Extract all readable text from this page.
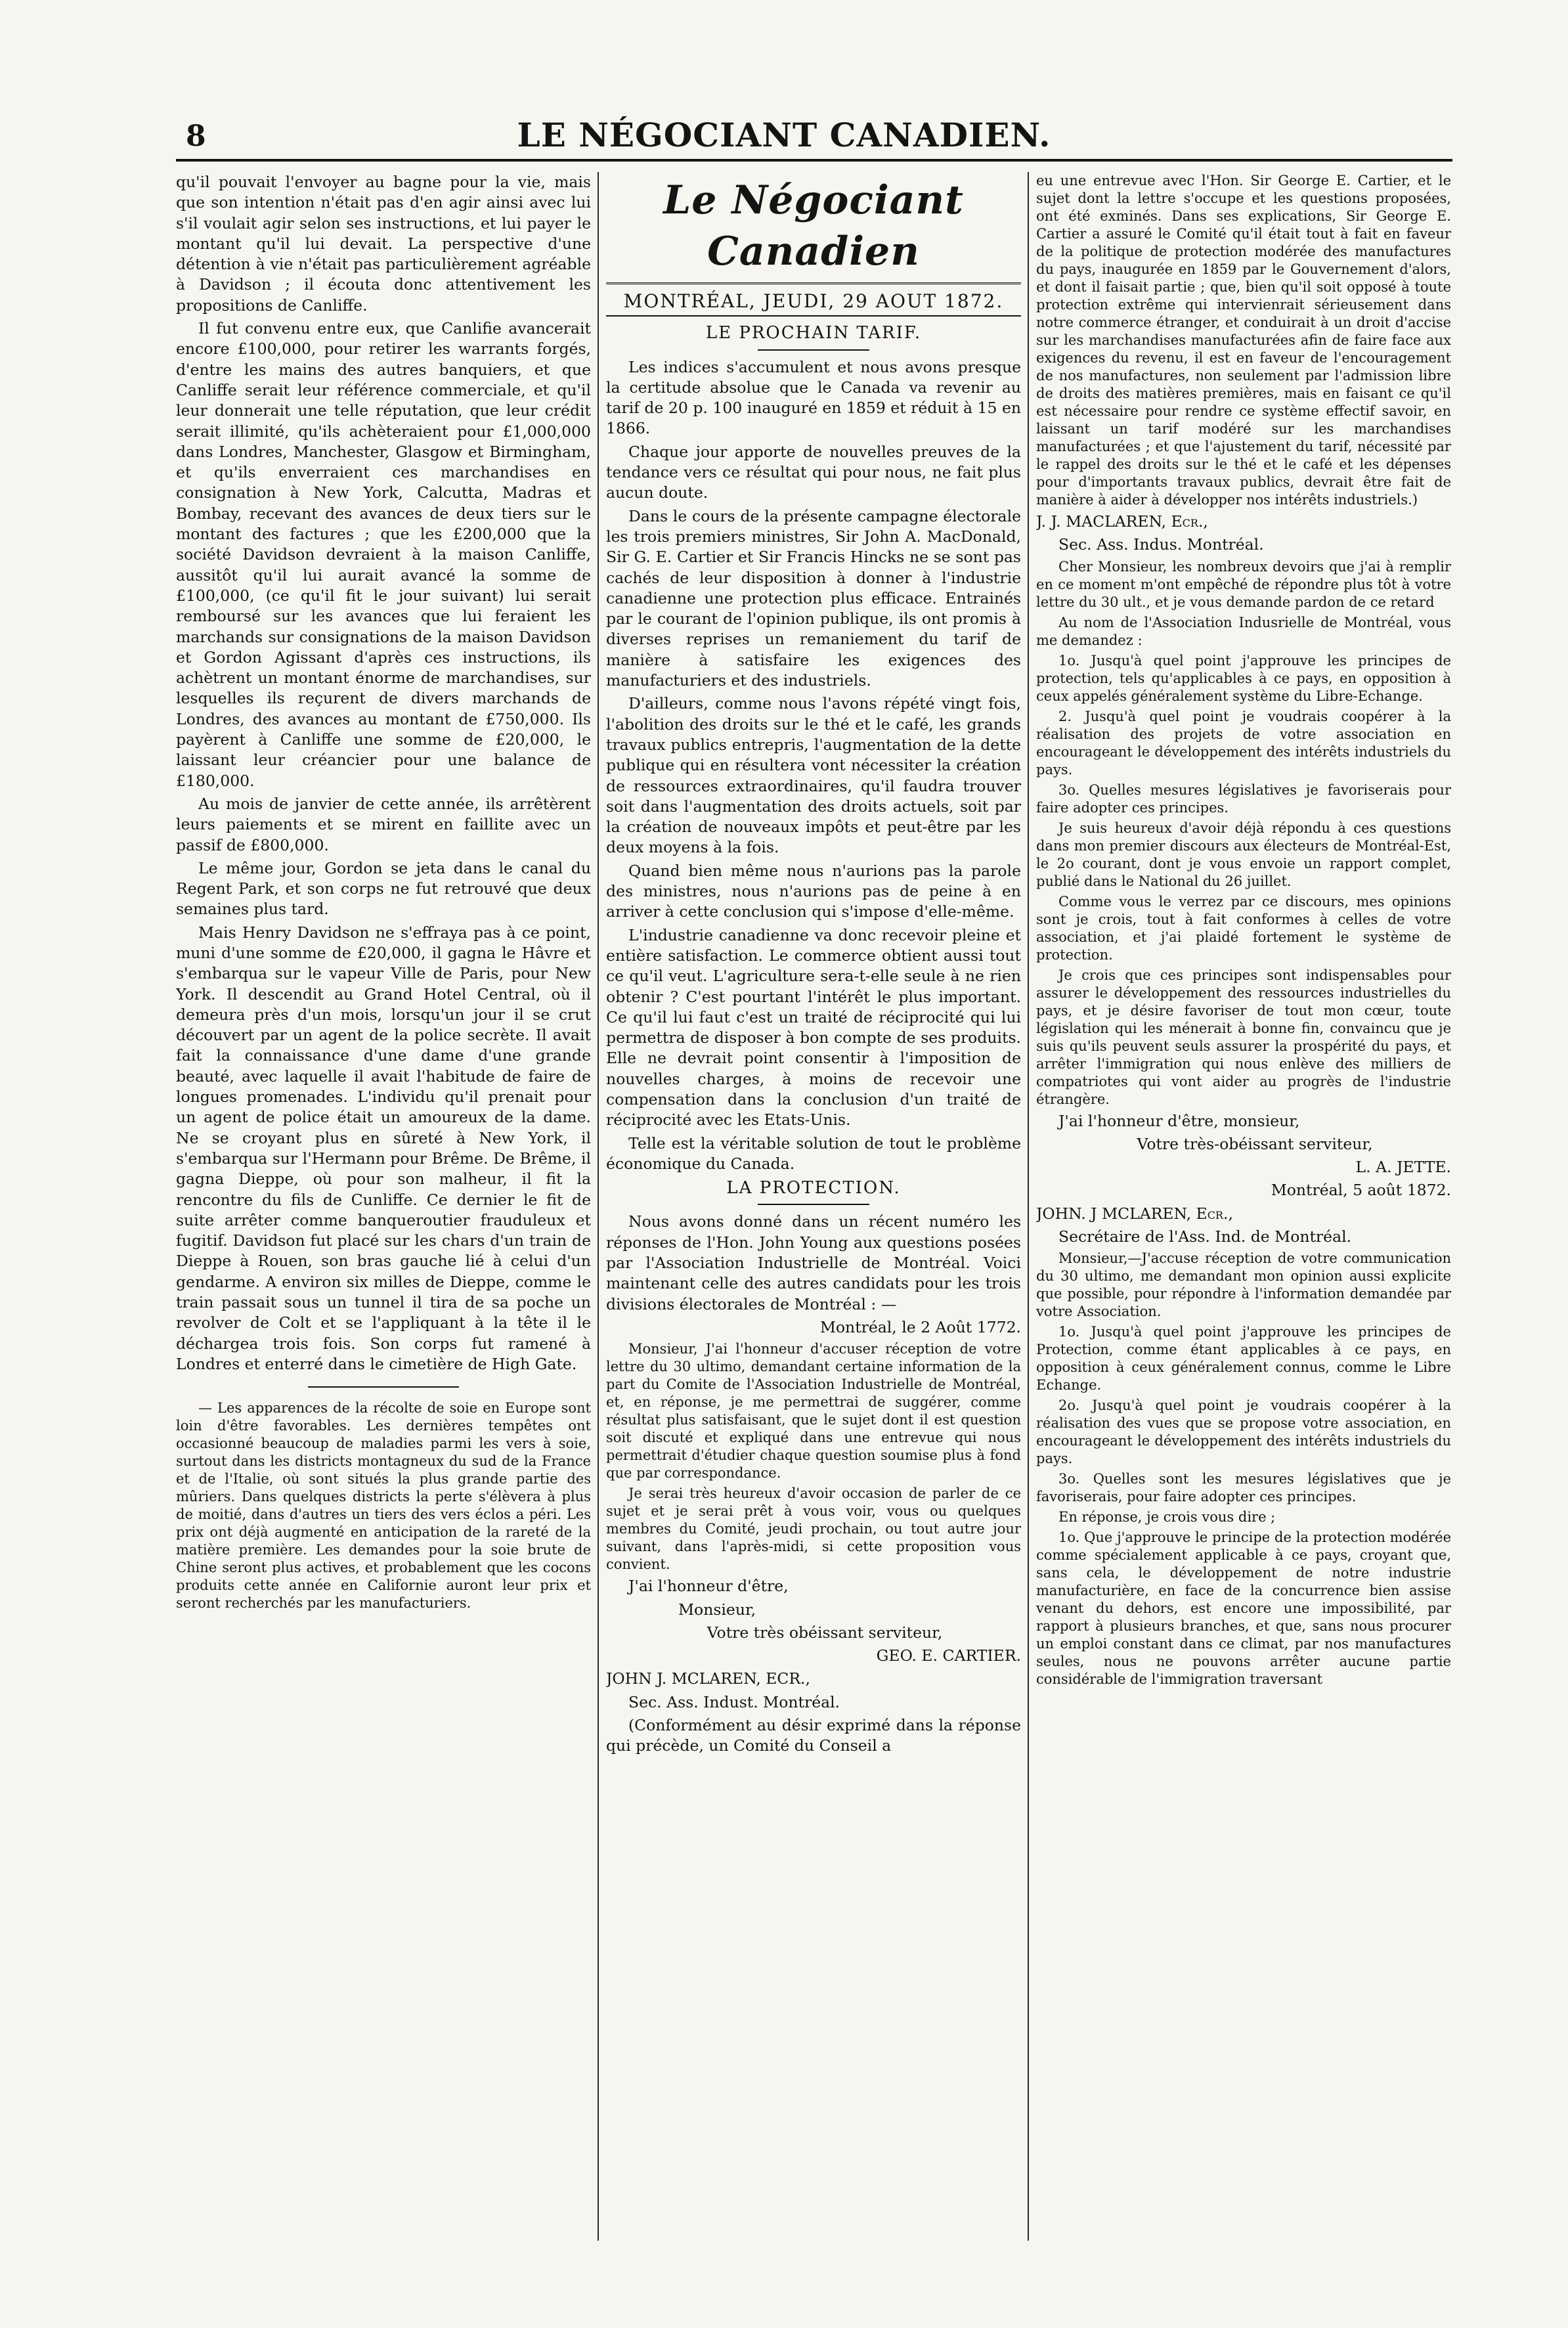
8	LE NÉGOCIANT CANADIEN.

qu'il pouvait l'envoyer au bagne pour la vie, mais que son intention n'était pas d'en agir ainsi avec lui s'il voulait agir selon ses instructions, et lui payer le montant qu'il lui devait. La perspective d'une détention à vie n'était pas particulièrement agréable à Davidson ; il écouta donc attentivement les propositions de Canliffe.

Il fut convenu entre eux, que Canlifie avancerait encore £100,000, pour retirer les warrants forgés, d'entre les mains des autres banquiers, et que Canliffe serait leur référence commerciale, et qu'il leur donnerait une telle réputation, que leur crédit serait illimité, qu'ils achèteraient pour £1,000,000 dans Londres, Manchester, Glasgow et Birmingham, et qu'ils enverraient ces marchandises en consignation à New York, Calcutta, Madras et Bombay, recevant des avances de deux tiers sur le montant des factures ; que les £200,000 que la société Davidson devraient à la maison Canliffe, aussitôt qu'il lui aurait avancé la somme de £100,000, (ce qu'il fit le jour suivant) lui serait remboursé sur les avances que lui feraient les marchands sur consignations de la maison Davidson et Gordon Agissant d'après ces instructions, ils achètrent un montant énorme de marchandises, sur lesquelles ils reçurent de divers marchands de Londres, des avances au montant de £750,000. Ils payèrent à Canliffe une somme de £20,000, le laissant leur créancier pour une balance de £180,000.

Au mois de janvier de cette année, ils arrêtèrent leurs paiements et se mirent en faillite avec un passif de £800,000.

Le même jour, Gordon se jeta dans le canal du Regent Park, et son corps ne fut retrouvé que deux semaines plus tard.

Mais Henry Davidson ne s'effraya pas à ce point, muni d'une somme de £20,000, il gagna le Hâvre et s'embarqua sur le vapeur Ville de Paris, pour New York. Il descendit au Grand Hotel Central, où il demeura près d'un mois, lorsqu'un jour il se crut découvert par un agent de la police secrète. Il avait fait la connaissance d'une dame d'une grande beauté, avec laquelle il avait l'habitude de faire de longues promenades. L'individu qu'il prenait pour un agent de police était un amoureux de la dame. Ne se croyant plus en sûreté à New York, il s'embarqua sur l'Hermann pour Brême. De Brême, il gagna Dieppe, où pour son malheur, il fit la rencontre du fils de Cunliffe. Ce dernier le fit de suite arrêter comme banqueroutier frauduleux et fugitif. Davidson fut placé sur les chars d'un train de Dieppe à Rouen, son bras gauche lié à celui d'un gendarme. A environ six milles de Dieppe, comme le train passait sous un tunnel il tira de sa poche un revolver de Colt et se l'appliquant à la tête il le déchargea trois fois. Son corps fut ramené à Londres et enterré dans le cimetière de High Gate.

— Les apparences de la récolte de soie en Europe sont loin d'être favorables. Les dernières tempêtes ont occasionné beaucoup de maladies parmi les vers à soie, surtout dans les districts montagneux du sud de la France et de l'Italie, où sont situés la plus grande partie des mûriers. Dans quelques districts la perte s'élèvera à plus de moitié, dans d'autres un tiers des vers éclos a péri. Les prix ont déjà augmenté en anticipation de la rareté de la matière première. Les demandes pour la soie brute de Chine seront plus actives, et probablement que les cocons produits cette année en Californie auront leur prix et seront recherchés par les manufacturiers.

Le Négociant Canadien
MONTRÉAL, JEUDI, 29 AOUT 1872.
LE PROCHAIN TARIF.

Les indices s'accumulent et nous avons presque la certitude absolue que le Canada va revenir au tarif de 20 p. 100 inauguré en 1859 et réduit à 15 en 1866.

Chaque jour apporte de nouvelles preuves de la tendance vers ce résultat qui pour nous, ne fait plus aucun doute.

Dans le cours de la présente campagne électorale les trois premiers ministres, Sir John A. MacDonald, Sir G. E. Cartier et Sir Francis Hincks ne se sont pas cachés de leur disposition à donner à l'industrie canadienne une protection plus efficace. Entrainés par le courant de l'opinion publique, ils ont promis à diverses reprises un remaniement du tarif de manière à satisfaire les exigences des manufacturiers et des industriels.

D'ailleurs, comme nous l'avons répété vingt fois, l'abolition des droits sur le thé et le café, les grands travaux publics entrepris, l'augmentation de la dette publique qui en résultera vont nécessiter la création de ressources extraordinaires, qu'il faudra trouver soit dans l'augmentation des droits actuels, soit par la création de nouveaux impôts et peut-être par les deux moyens à la fois.

Quand bien même nous n'aurions pas la parole des ministres, nous n'aurions pas de peine à en arriver à cette conclusion qui s'impose d'elle-même.

L'industrie canadienne va donc recevoir pleine et entière satisfaction. Le commerce obtient aussi tout ce qu'il veut. L'agriculture sera-t-elle seule à ne rien obtenir ? C'est pourtant l'intérêt le plus important. Ce qu'il lui faut c'est un traité de réciprocité qui lui permettra de disposer à bon compte de ses produits. Elle ne devrait point consentir à l'imposition de nouvelles charges, à moins de recevoir une compensation dans la conclusion d'un traité de réciprocité avec les Etats-Unis.

Telle est la véritable solution de tout le problème économique du Canada.

LA PROTECTION.

Nous avons donné dans un récent numéro les réponses de l'Hon. John Young aux questions posées par l'Association Industrielle de Montréal. Voici maintenant celle des autres candidats pour les trois divisions électorales de Montréal : —

Montréal, le 2 Août 1772.

Monsieur, J'ai l'honneur d'accuser réception de votre lettre du 30 ultimo, demandant certaine information de la part du Comite de l'Association Industrielle de Montréal, et, en réponse, je me permettrai de suggérer, comme résultat plus satisfaisant, que le sujet dont il est question soit discuté et expliqué dans une entrevue qui nous permettrait d'étudier chaque question soumise plus à fond que par correspondance.

Je serai très heureux d'avoir occasion de parler de ce sujet et je serai prêt à vous voir, vous ou quelques membres du Comité, jeudi prochain, ou tout autre jour suivant, dans l'après-midi, si cette proposition vous convient.

J'ai l'honneur d'être,

Monsieur,

Votre très obéissant serviteur,

GEO. E. CARTIER.

JOHN J. MCLAREN, ECR.,

Sec. Ass. Indust. Montréal.

(Conformément au désir exprimé dans la réponse qui précède, un Comité du Conseil a

eu une entrevue avec l'Hon. Sir George E. Cartier, et le sujet dont la lettre s'occupe et les questions proposées, ont été exminés. Dans ses explications, Sir George E. Cartier a assuré le Comité qu'il était tout à fait en faveur de la politique de protection modérée des manufactures du pays, inaugurée en 1859 par le Gouvernement d'alors, et dont il faisait partie ; que, bien qu'il soit opposé à toute protection extrême qui intervienrait sérieusement dans notre commerce étranger, et conduirait à un droit d'accise sur les marchandises manufacturées afin de faire face aux exigences du revenu, il est en faveur de l'encouragement de nos manufactures, non seulement par l'admission libre de droits des matières premières, mais en faisant ce qu'il est nécessaire pour rendre ce système effectif savoir, en laissant un tarif modéré sur les marchandises manufacturées ; et que l'ajustement du tarif, nécessité par le rappel des droits sur le thé et le café et les dépenses pour d'importants travaux publics, devrait être fait de manière à aider à développer nos intérêts industriels.)

J. J. MACLAREN, Ecr.,

Sec. Ass. Indus. Montréal.

Cher Monsieur, les nombreux devoirs que j'ai à remplir en ce moment m'ont empêché de répondre plus tôt à votre lettre du 30 ult., et je vous demande pardon de ce retard

Au nom de l'Association Indusrielle de Montréal, vous me demandez :

1o. Jusqu'à quel point j'approuve les principes de protection, tels qu'applicables à ce pays, en opposition à ceux appelés généralement système du Libre-Echange.

2. Jusqu'à quel point je voudrais coopérer à la réalisation des projets de votre association en encourageant le développement des intérêts industriels du pays.

3o. Quelles mesures législatives je favoriserais pour faire adopter ces principes.

Je suis heureux d'avoir déjà répondu à ces questions dans mon premier discours aux électeurs de Montréal-Est, le 2o courant, dont je vous envoie un rapport complet, publié dans le National du 26 juillet.

Comme vous le verrez par ce discours, mes opinions sont je crois, tout à fait conformes à celles de votre association, et j'ai plaidé fortement le système de protection.

Je crois que ces principes sont indispensables pour assurer le développement des ressources industrielles du pays, et je désire favoriser de tout mon cœur, toute législation qui les ménerait à bonne fin, convaincu que je suis qu'ils peuvent seuls assurer la prospérité du pays, et arrêter l'immigration qui nous enlève des milliers de compatriotes qui vont aider au progrès de l'industrie étrangère.

J'ai l'honneur d'être, monsieur,

Votre très-obéissant serviteur,

L. A. JETTE.

Montréal, 5 août 1872.

JOHN. J MCLAREN, Ecr.,

Secrétaire de l'Ass. Ind. de Montréal.

Monsieur,—J'accuse réception de votre communication du 30 ultimo, me demandant mon opinion aussi explicite que possible, pour répondre à l'information demandée par votre Association.

1o. Jusqu'à quel point j'approuve les principes de Protection, comme étant applicables à ce pays, en opposition à ceux généralement connus, comme le Libre Echange.

2o. Jusqu'à quel point je voudrais coopérer à la réalisation des vues que se propose votre association, en encourageant le développement des intérêts industriels du pays.

3o. Quelles sont les mesures législatives que je favoriserais, pour faire adopter ces principes.

En réponse, je crois vous dire ;

1o. Que j'approuve le principe de la protection modérée comme spécialement applicable à ce pays, croyant que, sans cela, le développement de notre industrie manufacturière, en face de la concurrence bien assise venant du dehors, est encore une impossibilité, par rapport à plusieurs branches, et que, sans nous procurer un emploi constant dans ce climat, par nos manufactures seules, nous ne pouvons arrêter aucune partie considérable de l'immigration traversant
